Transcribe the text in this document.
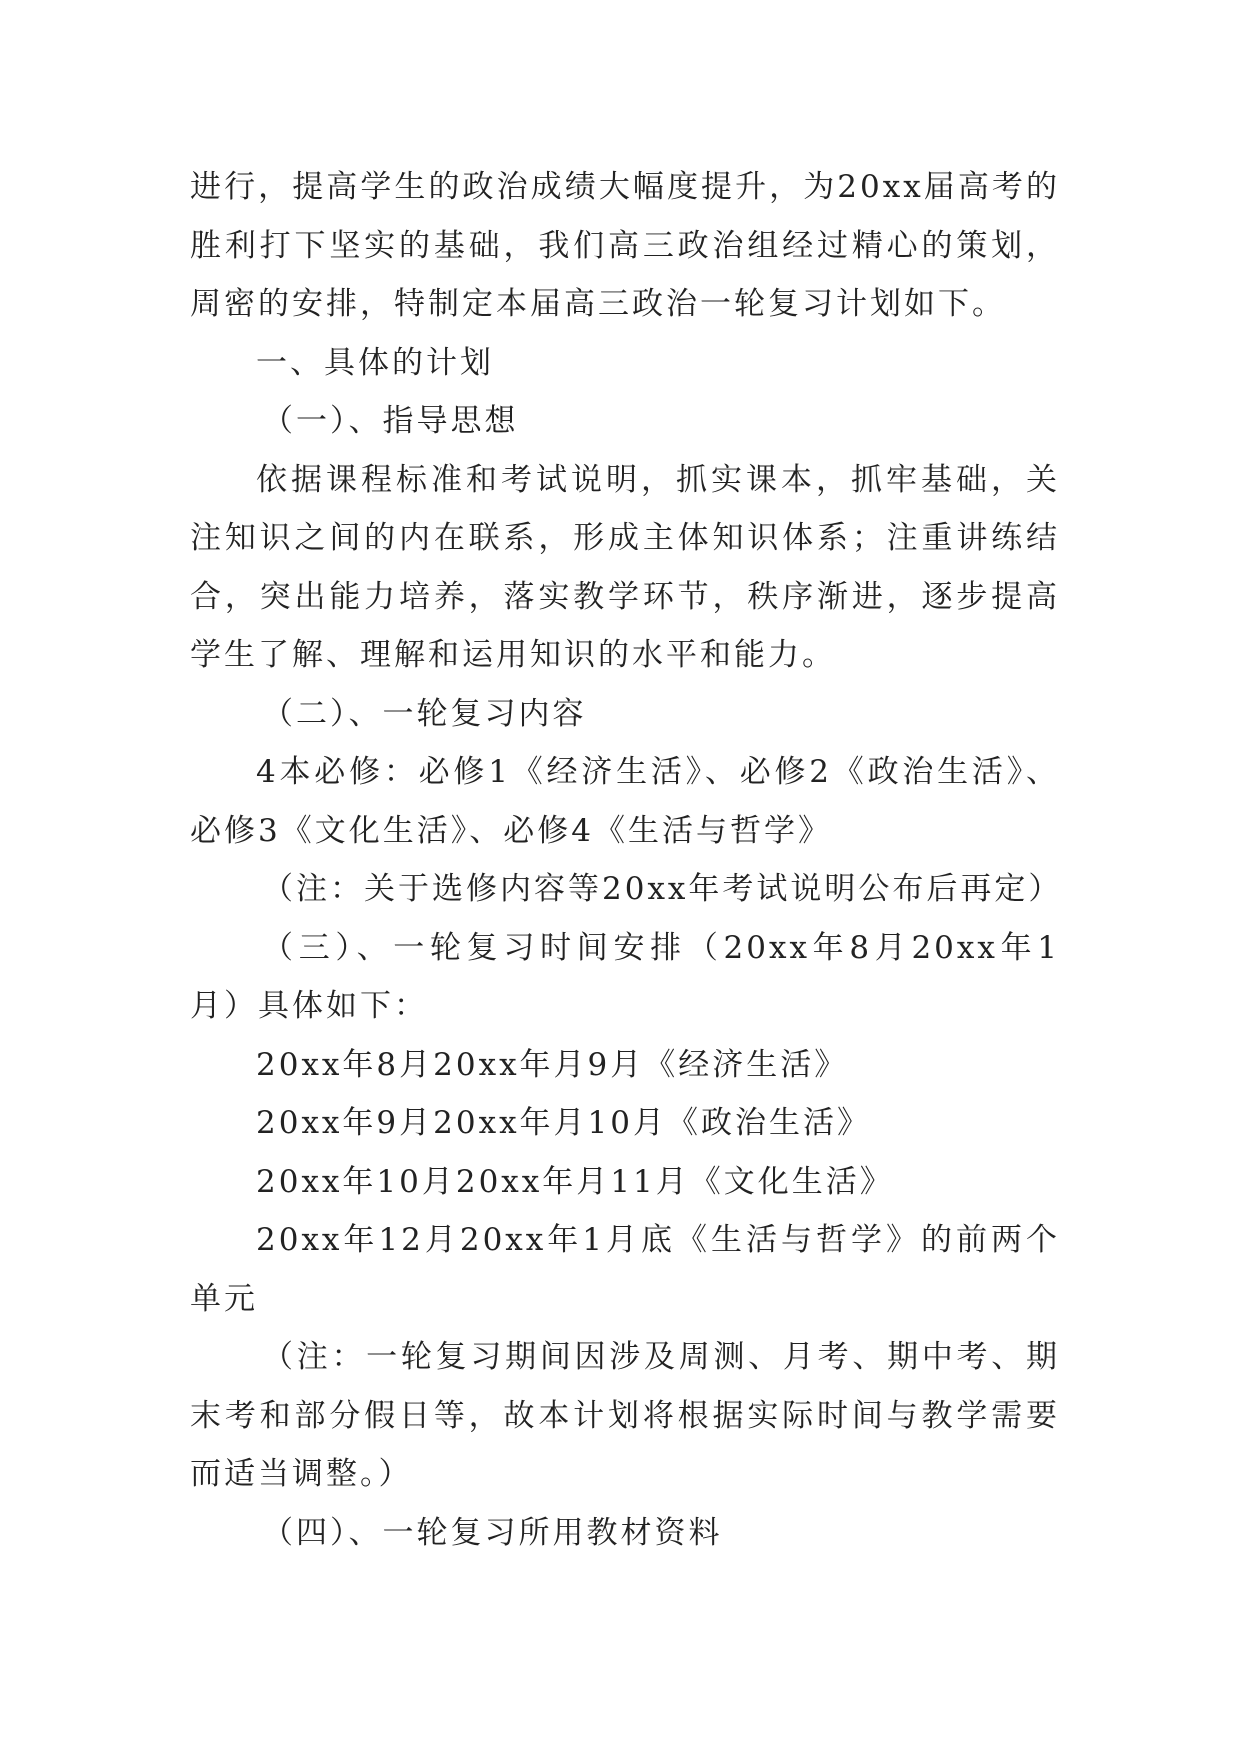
进行，提高学生的政治成绩大幅度提升，为20xx届高考的胜利打下坚实的基础，我们高三政治组经过精心的策划，周密的安排，特制定本届高三政治一轮复习计划如下。

一、具体的计划

（一）、指导思想

依据课程标准和考试说明，抓实课本，抓牢基础，关注知识之间的内在联系，形成主体知识体系；注重讲练结合，突出能力培养，落实教学环节，秩序渐进，逐步提高学生了解、理解和运用知识的水平和能力。

（二）、一轮复习内容

4本必修：必修1《经济生活》、必修2《政治生活》、必修3《文化生活》、必修4《生活与哲学》

（注：关于选修内容等20xx年考试说明公布后再定）

（三）、一轮复习时间安排（20xx年8月20xx年1月）具体如下：

20xx年8月20xx年月9月《经济生活》

20xx年9月20xx年月10月《政治生活》

20xx年10月20xx年月11月《文化生活》

20xx年12月20xx年1月底《生活与哲学》的前两个单元

（注：一轮复习期间因涉及周测、月考、期中考、期末考和部分假日等，故本计划将根据实际时间与教学需要而适当调整。）

（四）、一轮复习所用教材资料
